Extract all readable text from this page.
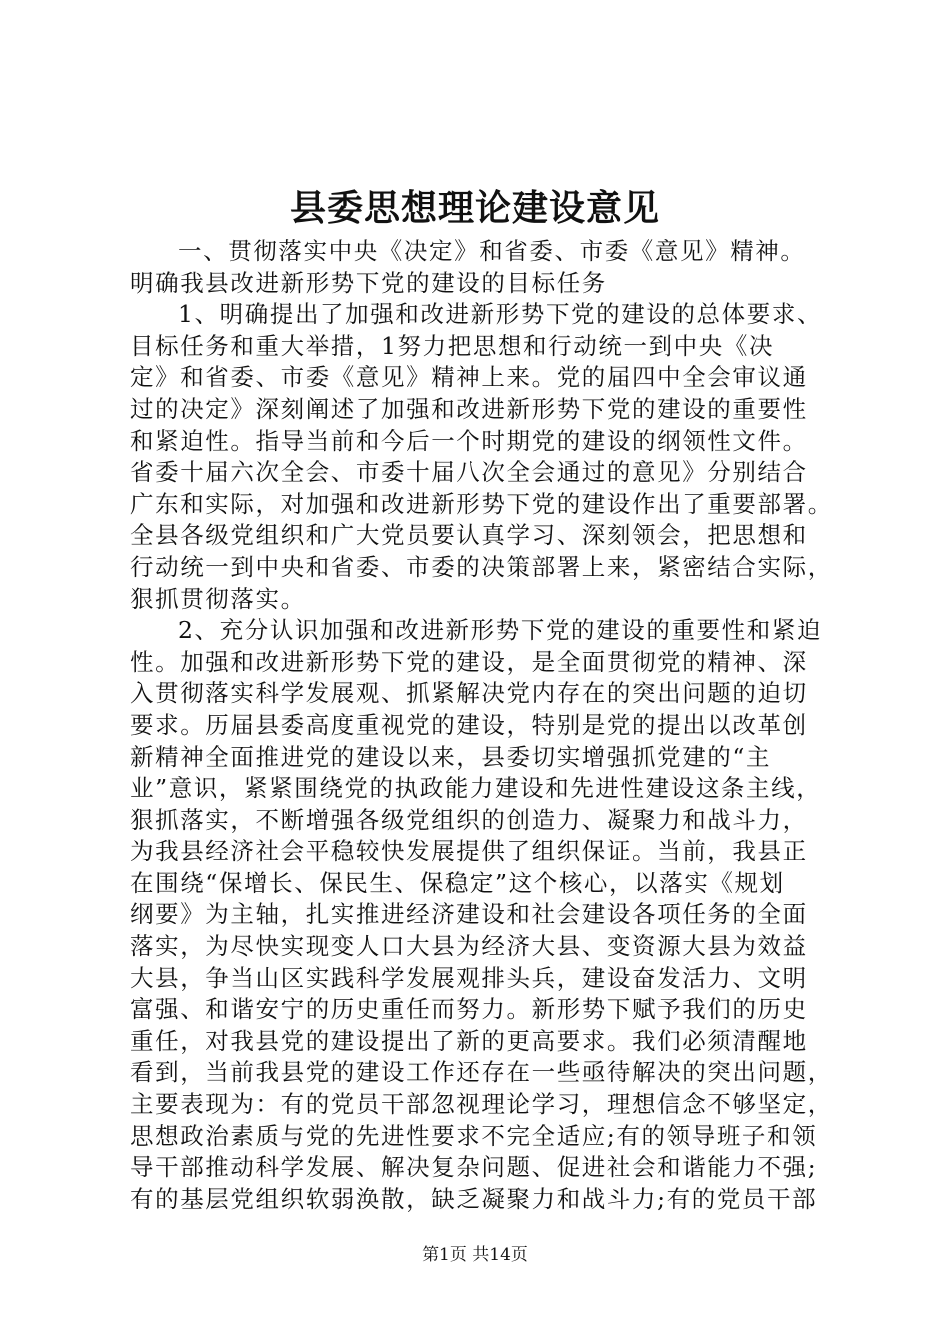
县委思想理论建设意见
一、贯彻落实中央《决定》和省委、市委《意见》精神。
明确我县改进新形势下党的建设的目标任务
1、明确提出了加强和改进新形势下党的建设的总体要求、
目标任务和重大举措，1努力把思想和行动统一到中央《决
定》和省委、市委《意见》精神上来。党的届四中全会审议通
过的决定》深刻阐述了加强和改进新形势下党的建设的重要性
和紧迫性。指导当前和今后一个时期党的建设的纲领性文件。
省委十届六次全会、市委十届八次全会通过的意见》分别结合
广东和实际，对加强和改进新形势下党的建设作出了重要部署。
全县各级党组织和广大党员要认真学习、深刻领会，把思想和
行动统一到中央和省委、市委的决策部署上来，紧密结合实际，
狠抓贯彻落实。
2、充分认识加强和改进新形势下党的建设的重要性和紧迫
性。加强和改进新形势下党的建设，是全面贯彻党的精神、深
入贯彻落实科学发展观、抓紧解决党内存在的突出问题的迫切
要求。历届县委高度重视党的建设，特别是党的提出以改革创
新精神全面推进党的建设以来，县委切实增强抓党建的“主
业”意识，紧紧围绕党的执政能力建设和先进性建设这条主线，
狠抓落实，不断增强各级党组织的创造力、凝聚力和战斗力，
为我县经济社会平稳较快发展提供了组织保证。当前，我县正
在围绕“保增长、保民生、保稳定”这个核心，以落实《规划
纲要》为主轴，扎实推进经济建设和社会建设各项任务的全面
落实，为尽快实现变人口大县为经济大县、变资源大县为效益
大县，争当山区实践科学发展观排头兵，建设奋发活力、文明
富强、和谐安宁的历史重任而努力。新形势下赋予我们的历史
重任，对我县党的建设提出了新的更高要求。我们必须清醒地
看到，当前我县党的建设工作还存在一些亟待解决的突出问题，
主要表现为：有的党员干部忽视理论学习，理想信念不够坚定，
思想政治素质与党的先进性要求不完全适应;有的领导班子和领
导干部推动科学发展、解决复杂问题、促进社会和谐能力不强;
有的基层党组织软弱涣散，缺乏凝聚力和战斗力;有的党员干部
第1页 共14页
